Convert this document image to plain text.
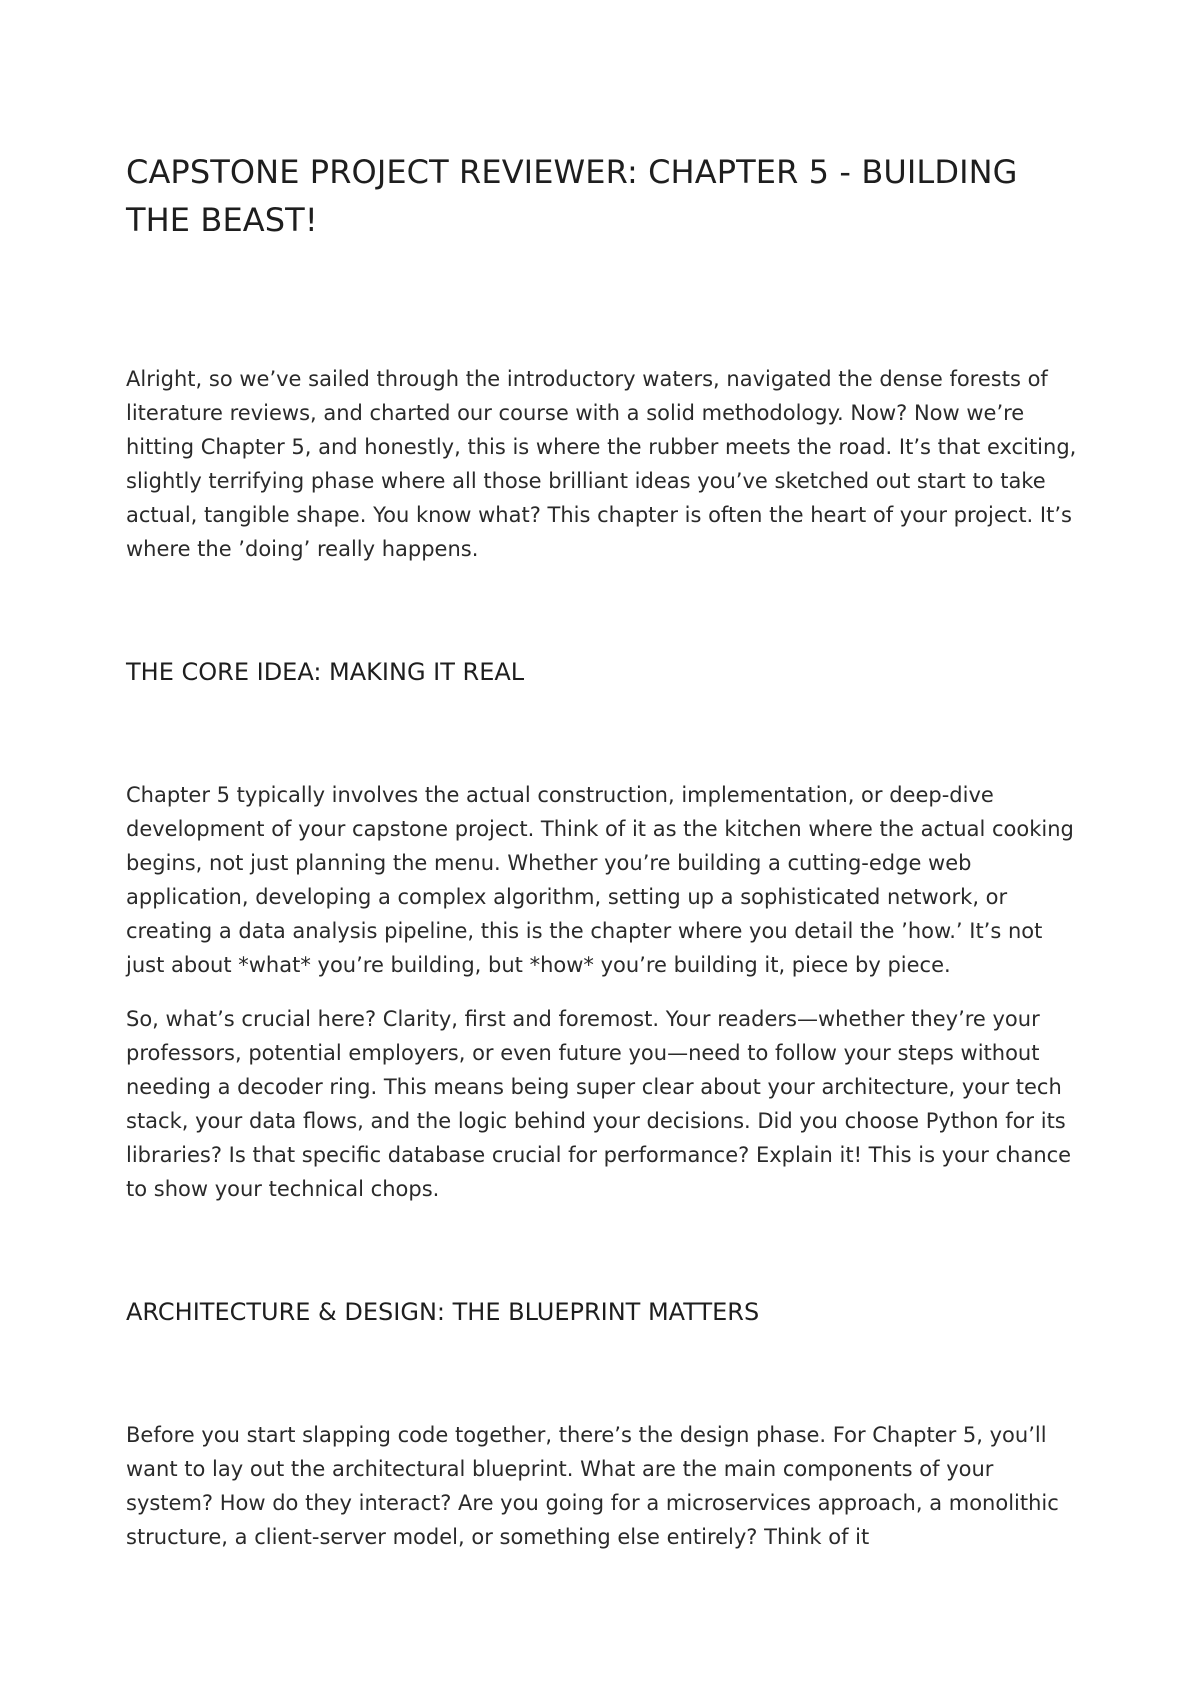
CAPSTONE PROJECT REVIEWER: CHAPTER 5 - BUILDING THE BEAST!

Alright, so we’ve sailed through the introductory waters, navigated the dense forests of literature reviews, and charted our course with a solid methodology. Now? Now we’re hitting Chapter 5, and honestly, this is where the rubber meets the road. It’s that exciting, slightly terrifying phase where all those brilliant ideas you’ve sketched out start to take actual, tangible shape. You know what? This chapter is often the heart of your project. It’s where the ’doing’ really happens.

THE CORE IDEA: MAKING IT REAL

Chapter 5 typically involves the actual construction, implementation, or deep-dive development of your capstone project. Think of it as the kitchen where the actual cooking begins, not just planning the menu. Whether you’re building a cutting-edge web application, developing a complex algorithm, setting up a sophisticated network, or creating a data analysis pipeline, this is the chapter where you detail the ’how.’ It’s not just about *what* you’re building, but *how* you’re building it, piece by piece.

So, what’s crucial here? Clarity, first and foremost. Your readers—whether they’re your professors, potential employers, or even future you—need to follow your steps without needing a decoder ring. This means being super clear about your architecture, your tech stack, your data flows, and the logic behind your decisions. Did you choose Python for its libraries? Is that specific database crucial for performance? Explain it! This is your chance to show your technical chops.

ARCHITECTURE & DESIGN: THE BLUEPRINT MATTERS

Before you start slapping code together, there’s the design phase. For Chapter 5, you’ll want to lay out the architectural blueprint. What are the main components of your system? How do they interact? Are you going for a microservices approach, a monolithic structure, a client-server model, or something else entirely? Think of it
